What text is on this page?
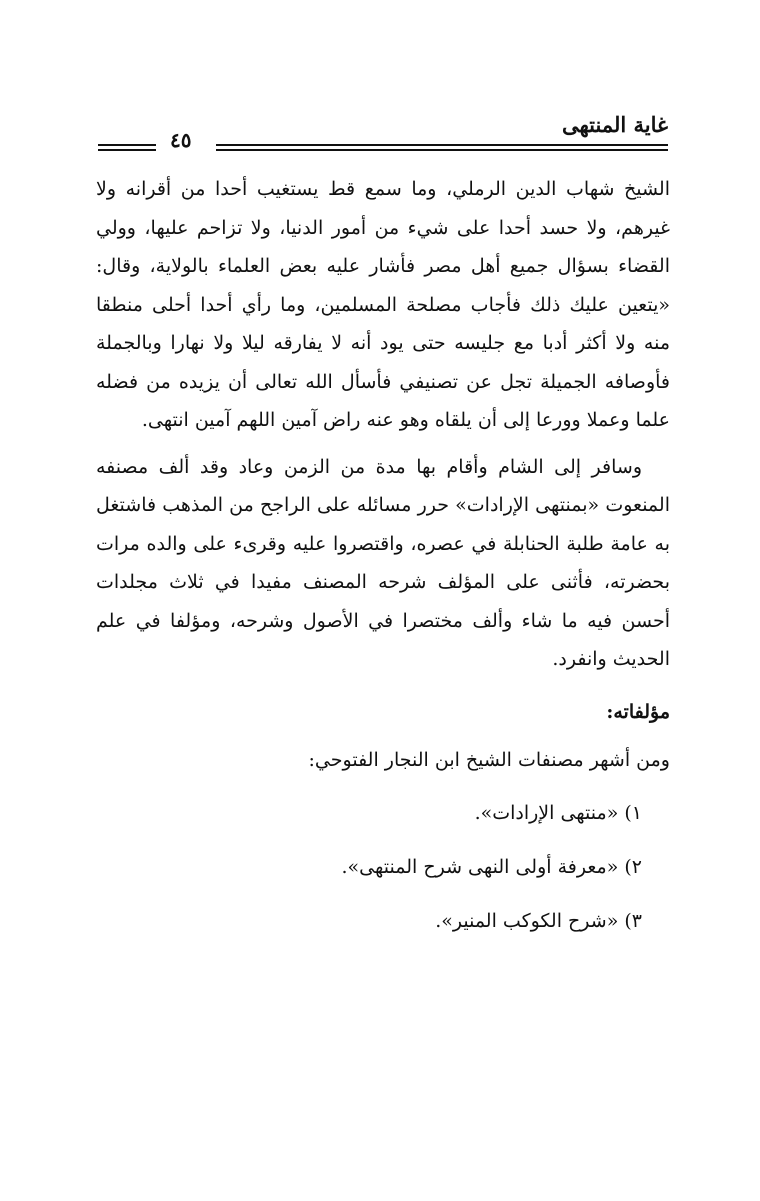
غاية المنتهى
٤٥

الشيخ شهاب الدين الرملي، وما سمع قط يستغيب أحدا من أقرانه ولا غيرهم، ولا حسد أحدا على شيء من أمور الدنيا، ولا تزاحم عليها، وولي القضاء بسؤال جميع أهل مصر فأشار عليه بعض العلماء بالولاية، وقال: «يتعين عليك ذلك فأجاب مصلحة المسلمين، وما رأي أحدا أحلى منطقا منه ولا أكثر أدبا مع جليسه حتى يود أنه لا يفارقه ليلا ولا نهارا وبالجملة فأوصافه الجميلة تجل عن تصنيفي فأسأل الله تعالى أن يزيده من فضله علما وعملا وورعا إلى أن يلقاه وهو عنه راض آمين اللهم آمين انتهى.

وسافر إلى الشام وأقام بها مدة من الزمن وعاد وقد ألف مصنفه المنعوت «بمنتهى الإرادات» حرر مسائله على الراجح من المذهب فاشتغل به عامة طلبة الحنابلة في عصره، واقتصروا عليه وقرىء على والده مرات بحضرته، فأثنى على المؤلف شرحه المصنف مفيدا في ثلاث مجلدات أحسن فيه ما شاء وألف مختصرا في الأصول وشرحه، ومؤلفا في علم الحديث وانفرد.

مؤلفاته:

ومن أشهر مصنفات الشيخ ابن النجار الفتوحي:

١) «منتهى الإرادات».
٢) «معرفة أولى النهى شرح المنتهى».
٣) «شرح الكوكب المنير».
